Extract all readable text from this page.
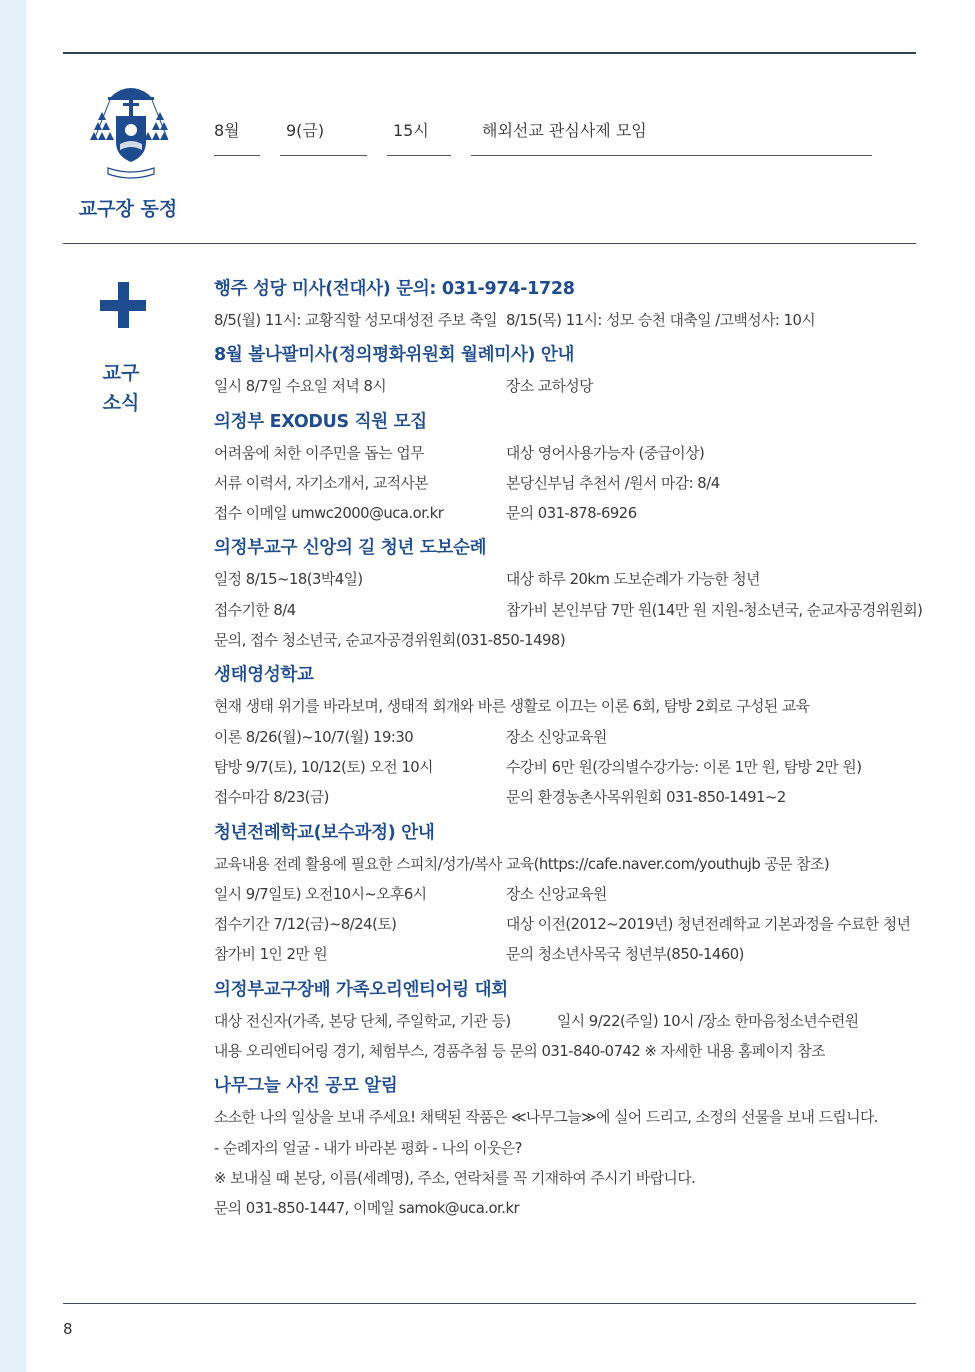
교구장 동정
8월	9(금)	15시	해외선교 관심사제 모임
교구
소식
행주 성당 미사(전대사) 문의: 031-974-1728
8/5(월) 11시: 교황직할 성모대성전 주보 축일 8/15(목) 11시: 성모 승천 대축일 /고백성사: 10시
8월 볼나팔미사(정의평화위원회 월례미사) 안내
일시 8/7일 수요일 저녁 8시	장소 교하성당
의정부 EXODUS 직원 모집
어려움에 처한 이주민을 돕는 업무	대상 영어사용가능자 (중급이상)
서류 이력서, 자기소개서, 교적사본	본당신부님 추천서 /원서 마감: 8/4
접수 이메일 umwc2000@uca.or.kr	문의 031-878-6926
의정부교구 신앙의 길 청년 도보순례
일정 8/15~18(3박4일)	대상 하루 20km 도보순례가 가능한 청년
접수기한 8/4	참가비 본인부담 7만 원(14만 원 지원-청소년국, 순교자공경위원회)
문의, 접수 청소년국, 순교자공경위원회(031-850-1498)
생태영성학교
현재 생태 위기를 바라보며, 생태적 회개와 바른 생활로 이끄는 이론 6회, 탐방 2회로 구성된 교육
이론 8/26(월)~10/7(월) 19:30	장소 신앙교육원
탐방 9/7(토), 10/12(토) 오전 10시	수강비 6만 원(강의별수강가능: 이론 1만 원, 탐방 2만 원)
접수마감 8/23(금)	문의 환경농촌사목위원회 031-850-1491~2
청년전례학교(보수과정) 안내
교육내용 전례 활용에 필요한 스피치/성가/복사 교육(https://cafe.naver.com/youthujb 공문 참조)
일시 9/7일토) 오전10시~오후6시	장소 신앙교육원
접수기간 7/12(금)~8/24(토)	대상 이전(2012~2019년) 청년전례학교 기본과정을 수료한 청년
참가비 1인 2만 원	문의 청소년사목국 청년부(850-1460)
의정부교구장배 가족오리엔티어링 대회
대상 전신자(가족, 본당 단체, 주일학교, 기관 등)	일시 9/22(주일) 10시 /장소 한마음청소년수련원
내용 오리엔티어링 경기, 체험부스, 경품추첨 등 문의 031-840-0742 ※ 자세한 내용 홈페이지 참조
나무그늘 사진 공모 알림
소소한 나의 일상을 보내 주세요! 채택된 작품은 ≪나무그늘≫에 실어 드리고, 소정의 선물을 보내 드립니다.
- 순례자의 얼굴 - 내가 바라본 평화 - 나의 이웃은?
※ 보내실 때 본당, 이름(세례명), 주소, 연락처를 꼭 기재하여 주시기 바랍니다.
문의 031-850-1447, 이메일 samok@uca.or.kr
8
